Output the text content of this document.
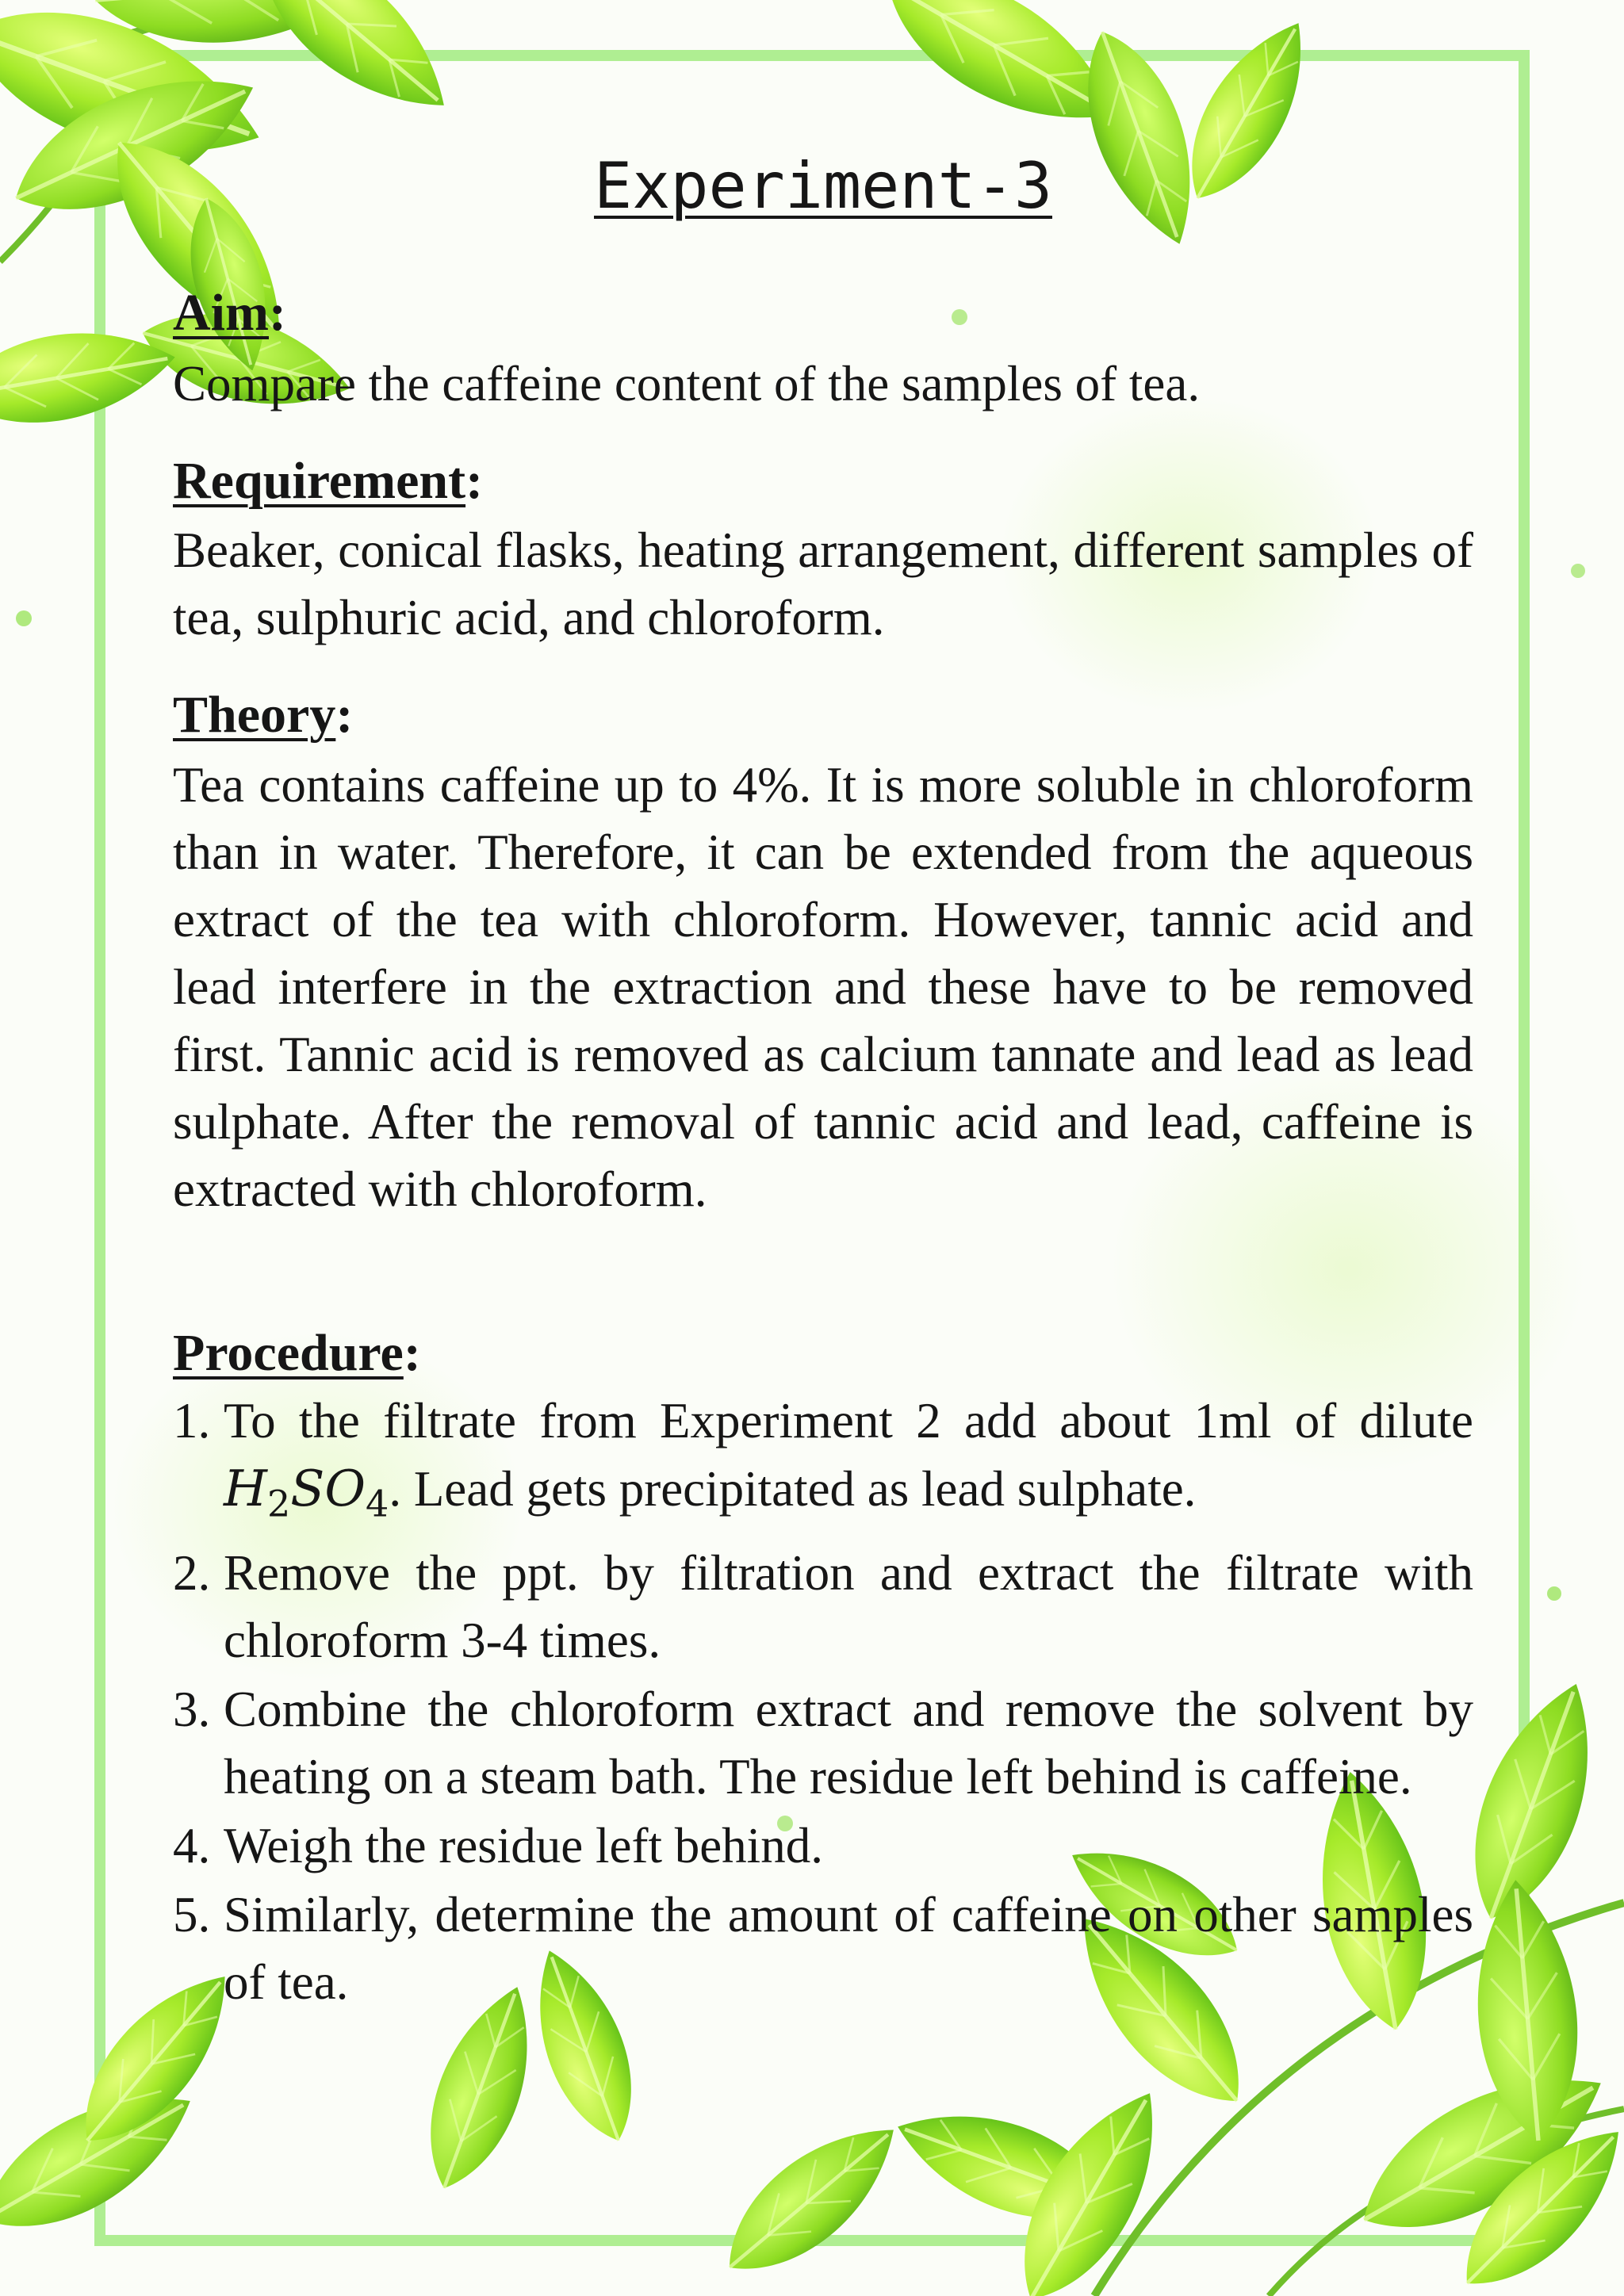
Experiment-3
Aim:

Compare the caffeine content of the samples of tea.

Requirement:

Beaker, conical flasks, heating arrangement, different samples of tea, sulphuric acid, and chloroform.

Theory:

Tea contains caffeine up to 4%. It is more soluble in chloroform than in water. Therefore, it can be extended from the aqueous extract of the tea with chloroform. However, tannic acid and lead interfere in the extraction and these have to be removed first. Tannic acid is removed as calcium tannate and lead as lead sulphate. After the removal of tannic acid and lead, caffeine is extracted with chloroform.

Procedure:
1. To the filtrate from Experiment 2 add about 1ml of dilute $H_2SO_4$. Lead gets precipitated as lead sulphate.
2. Remove the ppt. by filtration and extract the filtrate with chloroform 3-4 times.
3. Combine the chloroform extract and remove the solvent by heating on a steam bath. The residue left behind is caffeine.
4. Weigh the residue left behind.
5. Similarly, determine the amount of caffeine on other samples of tea.
